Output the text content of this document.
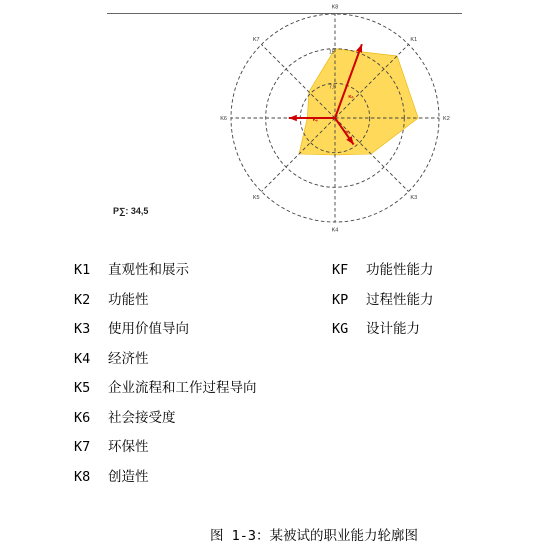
K8
K1
K2
K3
K4
K5
K6
K7
7,5
15
Kₙ
Kₑ
Kₗ
P∑: 34,5
K1 直观性和展示
K2 功能性
K3 使用价值导向
K4 经济性
K5 企业流程和工作过程导向
K6 社会接受度
K7 环保性
K8 创造性
KF 功能性能力
KP 过程性能力
KG 设计能力
图 1-3：某被试的职业能力轮廓图
